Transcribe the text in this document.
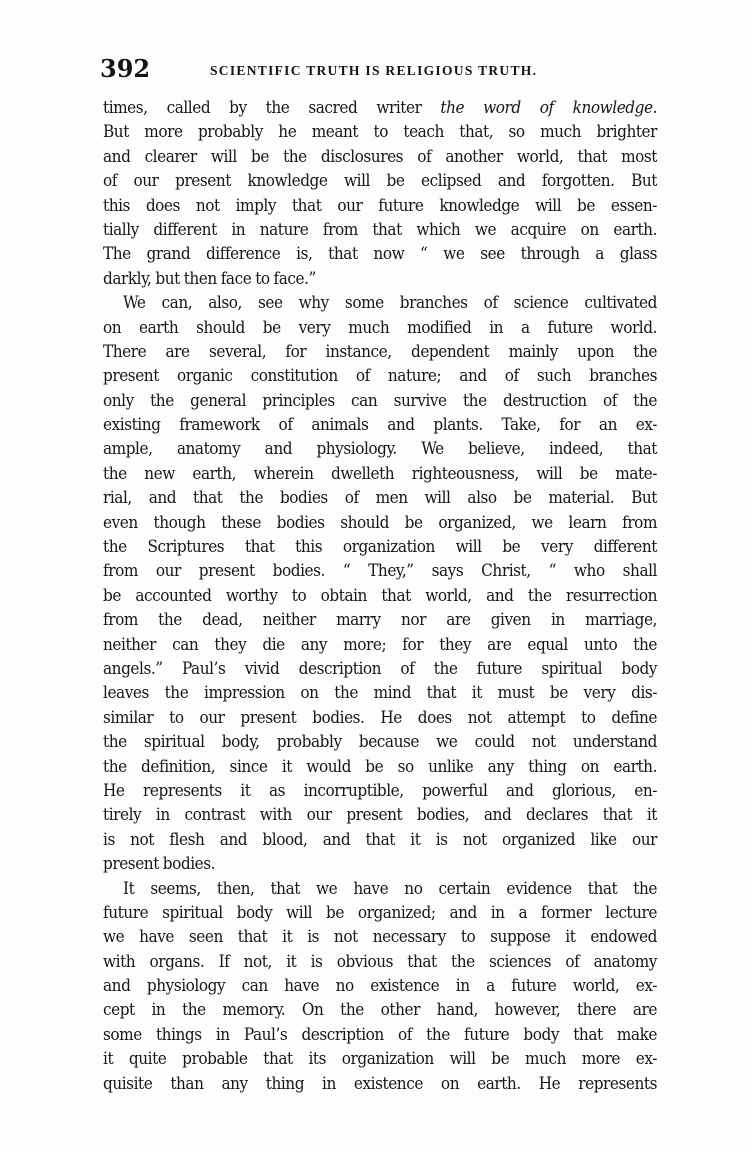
392	SCIENTIFIC TRUTH IS RELIGIOUS TRUTH.
times, called by the sacred writer the word of knowledge.
But more probably he meant to teach that, so much brighter
and clearer will be the disclosures of another world, that most
of our present knowledge will be eclipsed and forgotten. But
this does not imply that our future knowledge will be essen-
tially different in nature from that which we acquire on earth.
The grand difference is, that now “ we see through a glass
darkly, but then face to face.”
We can, also, see why some branches of science cultivated
on earth should be very much modified in a future world.
There are several, for instance, dependent mainly upon the
present organic constitution of nature; and of such branches
only the general principles can survive the destruction of the
existing framework of animals and plants. Take, for an ex-
ample, anatomy and physiology. We believe, indeed, that
the new earth, wherein dwelleth righteousness, will be mate-
rial, and that the bodies of men will also be material. But
even though these bodies should be organized, we learn from
the Scriptures that this organization will be very different
from our present bodies. “ They,” says Christ, “ who shall
be accounted worthy to obtain that world, and the resurrection
from the dead, neither marry nor are given in marriage,
neither can they die any more; for they are equal unto the
angels.” Paul’s vivid description of the future spiritual body
leaves the impression on the mind that it must be very dis-
similar to our present bodies. He does not attempt to define
the spiritual body, probably because we could not understand
the definition, since it would be so unlike any thing on earth.
He represents it as incorruptible, powerful and glorious, en-
tirely in contrast with our present bodies, and declares that it
is not flesh and blood, and that it is not organized like our
present bodies.
It seems, then, that we have no certain evidence that the
future spiritual body will be organized; and in a former lecture
we have seen that it is not necessary to suppose it endowed
with organs. If not, it is obvious that the sciences of anatomy
and physiology can have no existence in a future world, ex-
cept in the memory. On the other hand, however, there are
some things in Paul’s description of the future body that make
it quite probable that its organization will be much more ex-
quisite than any thing in existence on earth. He represents
